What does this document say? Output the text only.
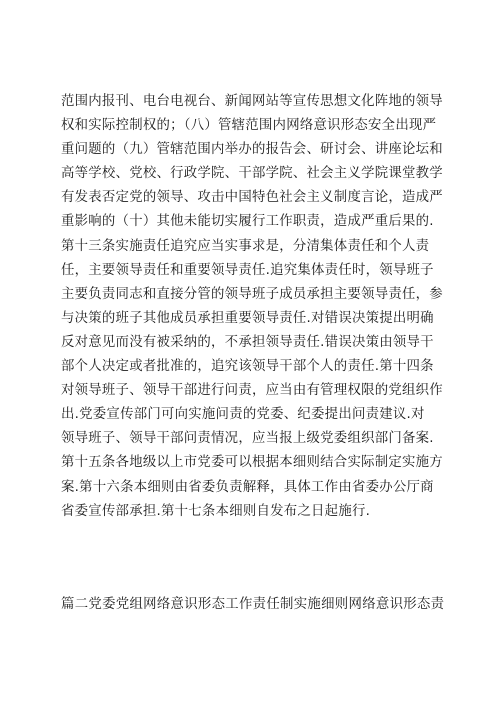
范围内报刊、电台电视台、新闻网站等宣传思想文化阵地的领导
权和实际控制权的；（八）管辖范围内网络意识形态安全出现严
重问题的（九）管辖范围内举办的报告会、研讨会、讲座论坛和
高等学校、党校、行政学院、干部学院、社会主义学院课堂教学
有发表否定党的领导、攻击中国特色社会主义制度言论，造成严
重影响的（十）其他未能切实履行工作职责，造成严重后果的.
第十三条实施责任追究应当实事求是，分清集体责任和个人责
任，主要领导责任和重要领导责任.追究集体责任时，领导班子
主要负责同志和直接分管的领导班子成员承担主要领导责任，参
与决策的班子其他成员承担重要领导责任.对错误决策提出明确
反对意见而没有被采纳的，不承担领导责任.错误决策由领导干
部个人决定或者批准的，追究该领导干部个人的责任.第十四条
对领导班子、领导干部进行问责，应当由有管理权限的党组织作
出.党委宣传部门可向实施问责的党委、纪委提出问责建议.对
领导班子、领导干部问责情况，应当报上级党委组织部门备案.
第十五条各地级以上市党委可以根据本细则结合实际制定实施方
案.第十六条本细则由省委负责解释，具体工作由省委办公厅商
省委宣传部承担.第十七条本细则自发布之日起施行.
篇二党委党组网络意识形态工作责任制实施细则网络意识形态责
